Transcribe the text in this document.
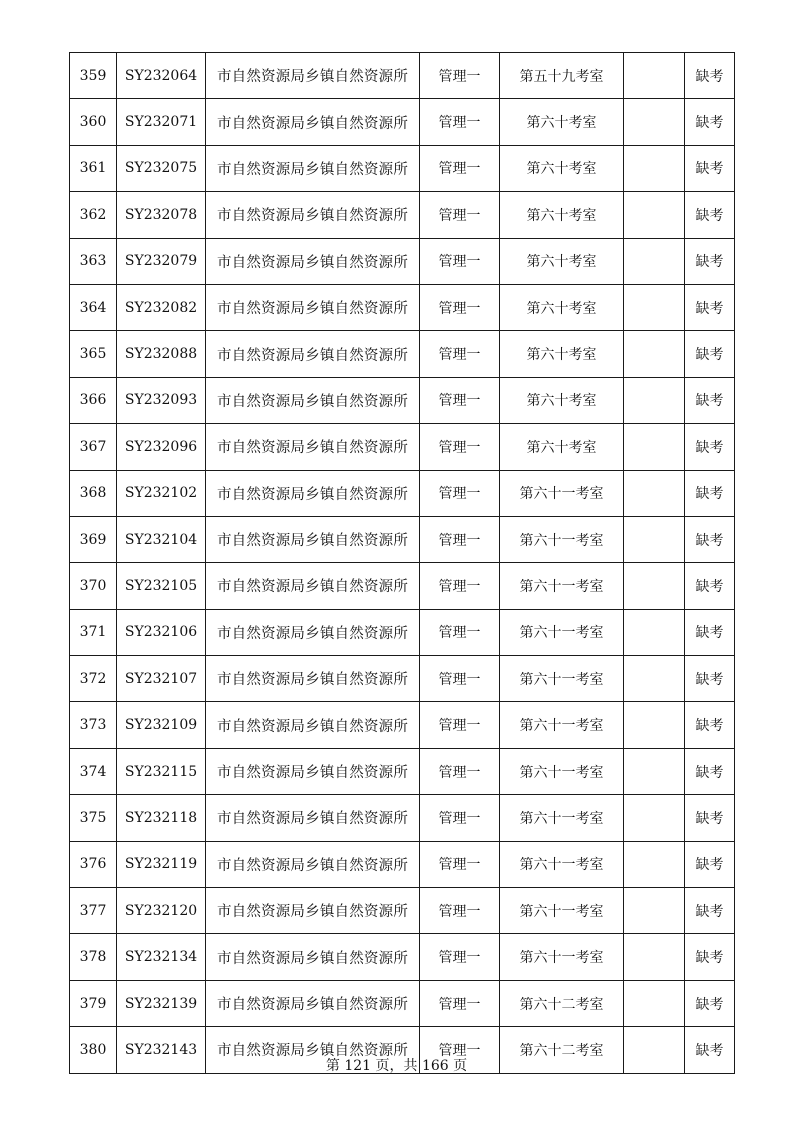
359	SY232064	市自然资源局乡镇自然资源所	管理一	第五十九考室		缺考
360	SY232071	市自然资源局乡镇自然资源所	管理一	第六十考室		缺考
361	SY232075	市自然资源局乡镇自然资源所	管理一	第六十考室		缺考
362	SY232078	市自然资源局乡镇自然资源所	管理一	第六十考室		缺考
363	SY232079	市自然资源局乡镇自然资源所	管理一	第六十考室		缺考
364	SY232082	市自然资源局乡镇自然资源所	管理一	第六十考室		缺考
365	SY232088	市自然资源局乡镇自然资源所	管理一	第六十考室		缺考
366	SY232093	市自然资源局乡镇自然资源所	管理一	第六十考室		缺考
367	SY232096	市自然资源局乡镇自然资源所	管理一	第六十考室		缺考
368	SY232102	市自然资源局乡镇自然资源所	管理一	第六十一考室		缺考
369	SY232104	市自然资源局乡镇自然资源所	管理一	第六十一考室		缺考
370	SY232105	市自然资源局乡镇自然资源所	管理一	第六十一考室		缺考
371	SY232106	市自然资源局乡镇自然资源所	管理一	第六十一考室		缺考
372	SY232107	市自然资源局乡镇自然资源所	管理一	第六十一考室		缺考
373	SY232109	市自然资源局乡镇自然资源所	管理一	第六十一考室		缺考
374	SY232115	市自然资源局乡镇自然资源所	管理一	第六十一考室		缺考
375	SY232118	市自然资源局乡镇自然资源所	管理一	第六十一考室		缺考
376	SY232119	市自然资源局乡镇自然资源所	管理一	第六十一考室		缺考
377	SY232120	市自然资源局乡镇自然资源所	管理一	第六十一考室		缺考
378	SY232134	市自然资源局乡镇自然资源所	管理一	第六十一考室		缺考
379	SY232139	市自然资源局乡镇自然资源所	管理一	第六十二考室		缺考
380	SY232143	市自然资源局乡镇自然资源所	管理一	第六十二考室		缺考
第 121 页，共 166 页
